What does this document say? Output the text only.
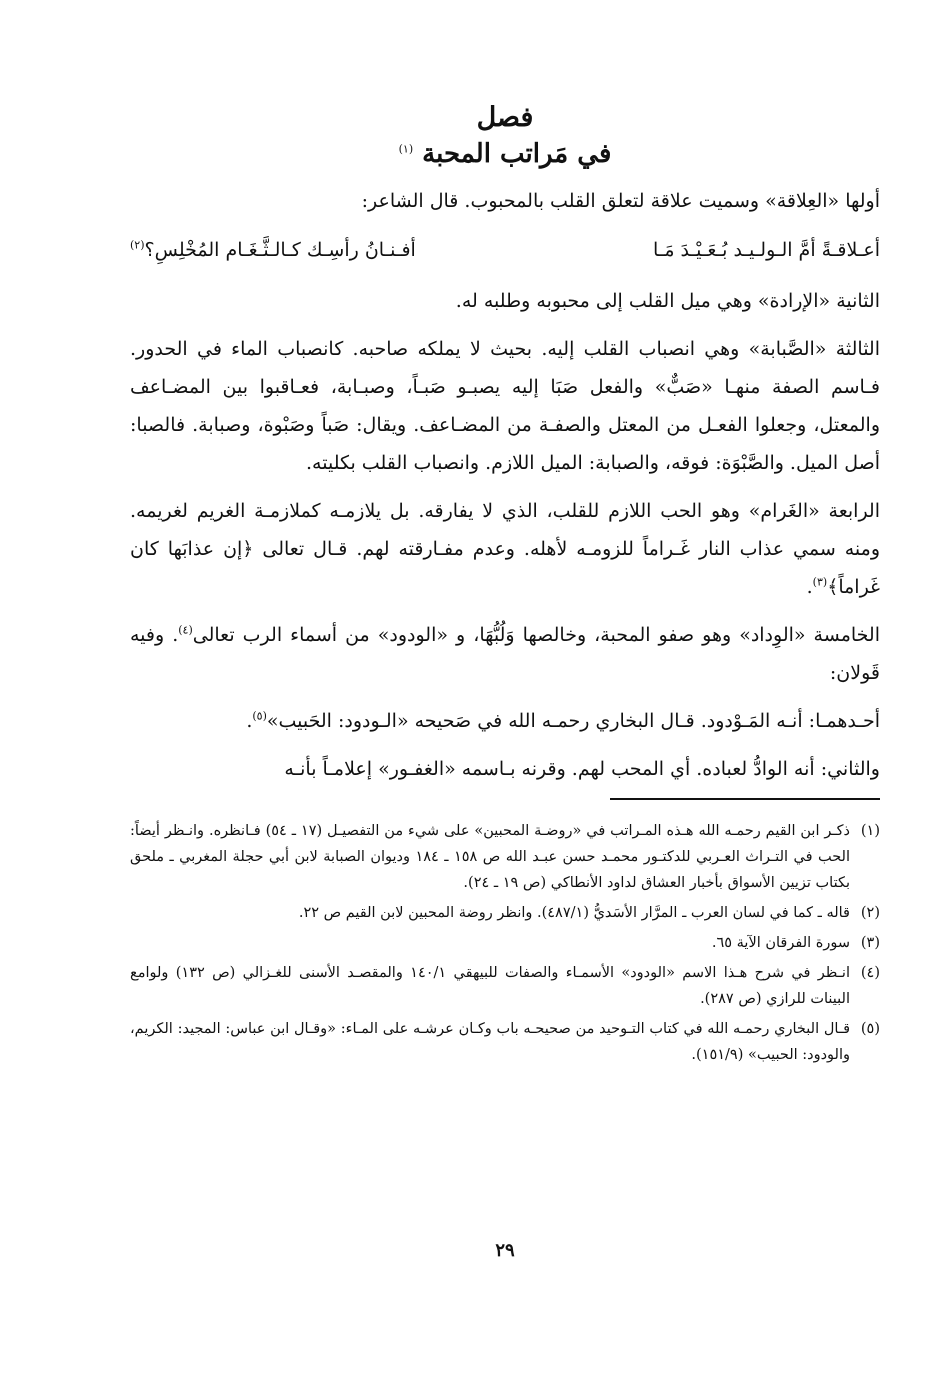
فصل
في مَراتب المحبة $^{(١)}$

أولها «العِلاقة» وسميت علاقة لتعلق القلب بالمحبوب. قال الشاعر:

أعـلاقـةً أمَّ الـولـيـد بُـعَـيْـدَ مَـا
أفـنـانُ رأسِـك كـالـثَّـغَـام المُخْلِسِ؟$^{(٢)}$

الثانية «الإرادة» وهي ميل القلب إلى محبوبه وطلبه له.

الثالثة «الصَّبابة» وهي انصباب القلب إليه. بحيث لا يملكه صاحبه. كانصباب الماء في الحدور. فـاسم الصفة منهـا «صَبٌّ» والفعل صَبَا إليه يصبـو صَبـاً، وصبـابة، فعـاقبوا بين المضـاعف والمعتل، وجعلوا الفعـل من المعتل والصفـة من المضـاعف. ويقال: صَباً وصَبْوة، وصبابة. فالصبا: أصل الميل. والصَّبْوَة: فوقه، والصبابة: الميل اللازم. وانصباب القلب بكليته.

الرابعة «الغَرام» وهو الحب اللازم للقلب، الذي لا يفارقه. بل يلازمـه كملازمـة الغريم لغريمه. ومنه سمي عذاب النار غَـراماً للزومـه لأهله. وعدم مفـارقته لهم. قـال تعالى ﴿إن عذابَها كان غَراماً﴾$^{(٣)}$.

الخامسة «الوِداد» وهو صفو المحبة، وخالصها وَلُبُّهَا، و «الودود» من أسماء الرب تعالى$^{(٤)}$. وفيه قَولان:

أحـدهمـا: أنـه المَـوْدود. قـال البخاري رحمـه الله في صَحيحه «الـودود: الحَبيب»$^{(٥)}$.

والثاني: أنه الوادُّ لعباده. أي المحب لهم. وقرنه بـاسمه «الغفـور» إعلامـاً بأنـه

(١)
ذكـر ابن القيم رحمـه الله هـذه المـراتب في «روضـة المحبين» على شيء من التفصيـل (١٧ ـ ٥٤) فـانظره. وانـظر أيضاً: الحب في التـراث العـربي للدكتـور محمـد حسن عبـد الله ص ١٥٨ ـ ١٨٤ وديوان الصبابة لابن أبي حجلة المغربي ـ ملحق بكتاب تزيين الأسواق بأخبار العشاق لداود الأنطاكي (ص ١٩ ـ ٢٤).
(٢)
قاله ـ كما في لسان العرب ـ المرَّار الأسَديُّ (٤٨٧/١). وانظر روضة المحبين لابن القيم ص ٢٢.
(٣)
سورة الفرقان الآية ٦٥.
(٤)
انـظر في شرح هـذا الاسم «الودود» الأسمـاء والصفات للبيهقي ١٤٠/١ والمقصـد الأسنى للغـزالي (ص ١٣٢) ولوامع البينات للرازي (ص ٢٨٧).
(٥)
قـال البخاري رحمـه الله في كتاب التـوحيد من صحيحـه باب وكـان عرشـه على المـاء: «وقـال ابن عباس: المجيد: الكريم، والودود: الحبيب» (١٥١/٩).
٢٩
